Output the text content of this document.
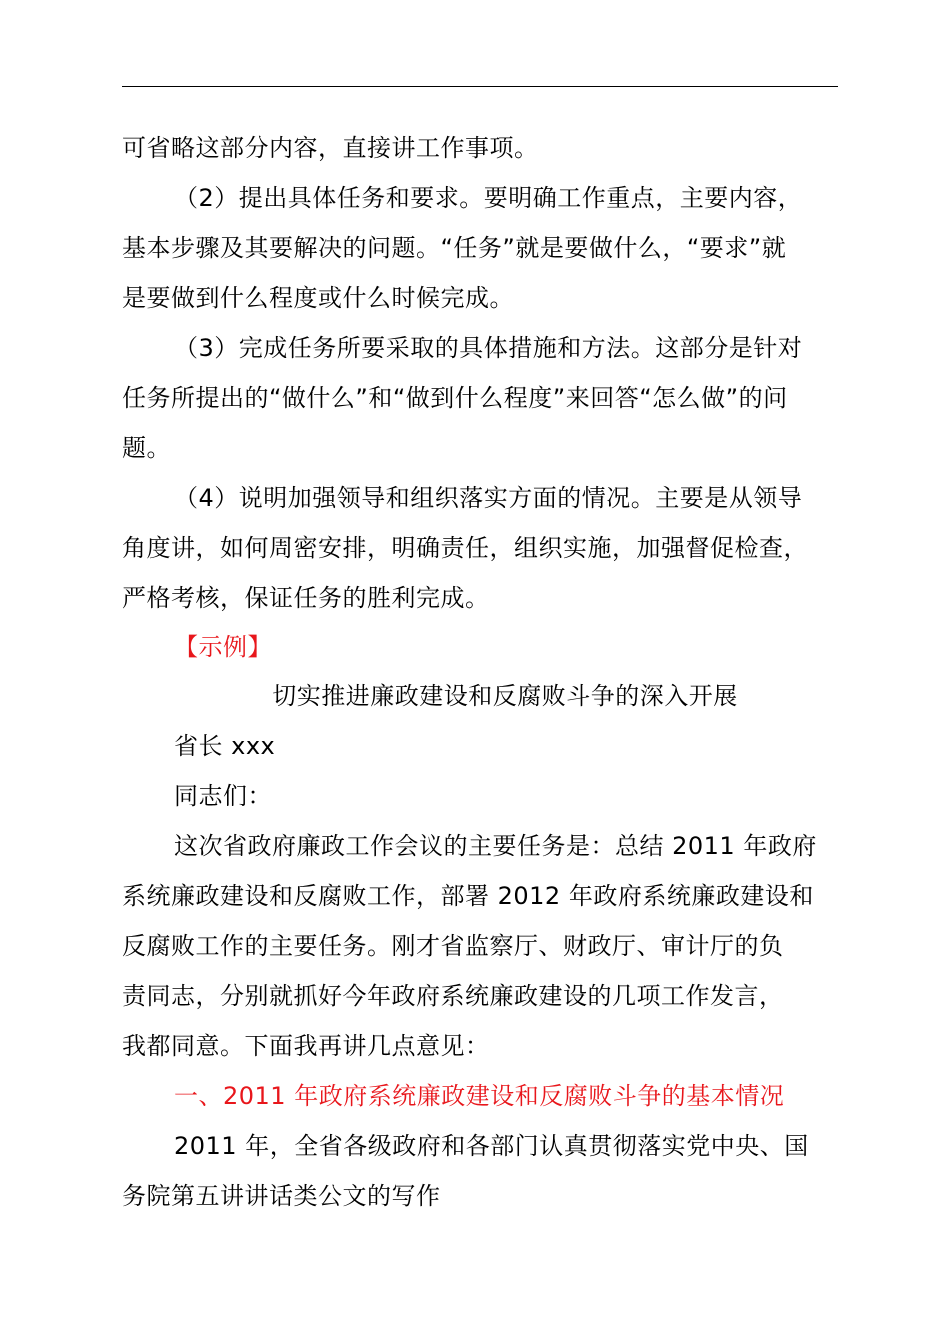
可省略这部分内容，直接讲工作事项。
（2）提出具体任务和要求。要明确工作重点，主要内容，
基本步骤及其要解决的问题。“任务”就是要做什么，“要求”就
是要做到什么程度或什么时候完成。
（3）完成任务所要采取的具体措施和方法。这部分是针对
任务所提出的“做什么”和“做到什么程度”来回答“怎么做”的问
题。
（4）说明加强领导和组织落实方面的情况。主要是从领导
角度讲，如何周密安排，明确责任，组织实施，加强督促检查，
严格考核，保证任务的胜利完成。
【示例】
切实推进廉政建设和反腐败斗争的深入开展
省长 xxx
同志们：
这次省政府廉政工作会议的主要任务是：总结 2011 年政府
系统廉政建设和反腐败工作，部署 2012 年政府系统廉政建设和
反腐败工作的主要任务。刚才省监察厅、财政厅、审计厅的负
责同志，分别就抓好今年政府系统廉政建设的几项工作发言，
我都同意。下面我再讲几点意见：
一、2011 年政府系统廉政建设和反腐败斗争的基本情况
2011 年，全省各级政府和各部门认真贯彻落实党中央、国
务院第五讲讲话类公文的写作
